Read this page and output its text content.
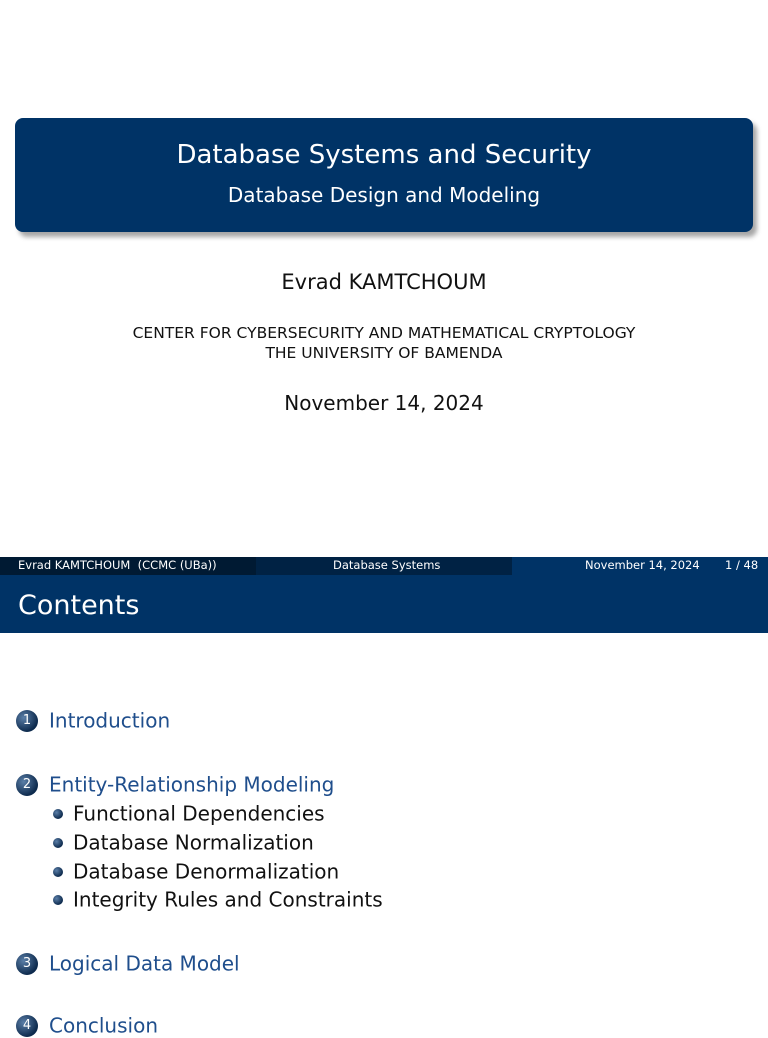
Database Systems and Security
Database Design and Modeling
Evrad KAMTCHOUM
CENTER FOR CYBERSECURITY AND MATHEMATICAL CRYPTOLOGY
THE UNIVERSITY OF BAMENDA
November 14, 2024
Evrad KAMTCHOUM  (CCMC (UBa))	Database Systems	November 14, 2024 1 / 48
Contents
1 Introduction
2 Entity-Relationship Modeling
Functional Dependencies
Database Normalization
Database Denormalization
Integrity Rules and Constraints
3 Logical Data Model
4 Conclusion
